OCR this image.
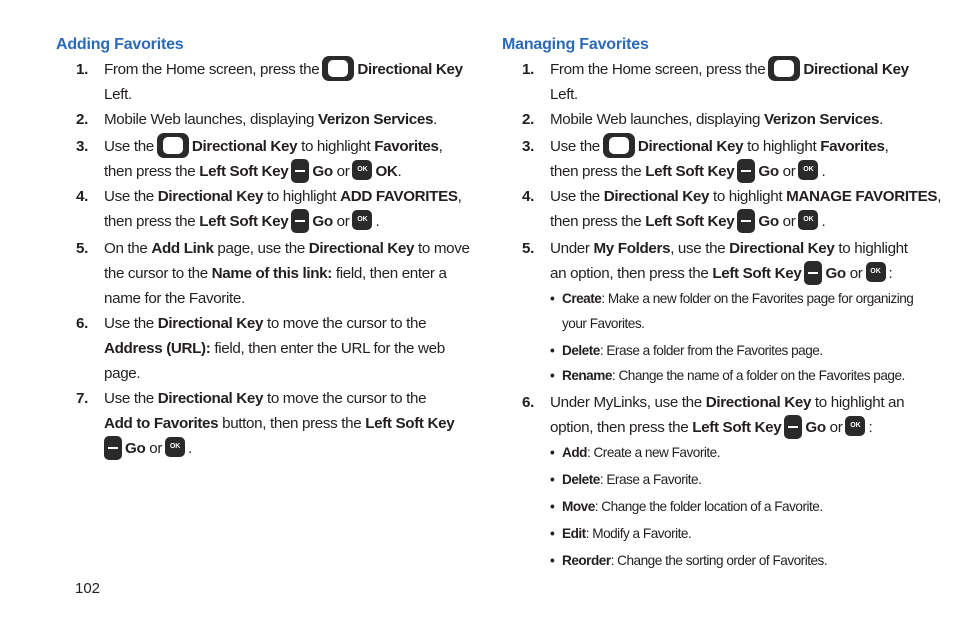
Adding Favorites
1. From the Home screen, press the	Directional Key
Left.
2. Mobile Web launches, displaying Verizon Services.
3. Use the	Directional Key to highlight Favorites,
then press the Left Soft Key Go or OK OK.
4. Use the Directional Key to highlight ADD FAVORITES,
then press the Left Soft Key Go or OK .
5. On the Add Link page, use the Directional Key to move
the cursor to the Name of this link: field, then enter a
name for the Favorite.
6. Use the Directional Key to move the cursor to the
Address (URL): field, then enter the URL for the web
page.
7. Use the Directional Key to move the cursor to the
Add to Favorites button, then press the Left Soft Key
Go or OK .
Managing Favorites
1. From the Home screen, press the	Directional Key
Left.
2. Mobile Web launches, displaying Verizon Services.
3. Use the	Directional Key to highlight Favorites,
then press the Left Soft Key Go or OK .
4. Use the Directional Key to highlight MANAGE FAVORITES,
then press the Left Soft Key Go or OK .
5. Under My Folders, use the Directional Key to highlight
an option, then press the Left Soft Key Go or OK :
• Create: Make a new folder on the Favorites page for organizing
your Favorites.
• Delete: Erase a folder from the Favorites page.
• Rename: Change the name of a folder on the Favorites page.
6. Under MyLinks, use the Directional Key to highlight an
option, then press the Left Soft Key Go or OK :
• Add: Create a new Favorite.
• Delete: Erase a Favorite.
• Move: Change the folder location of a Favorite.
• Edit: Modify a Favorite.
• Reorder: Change the sorting order of Favorites.
102
